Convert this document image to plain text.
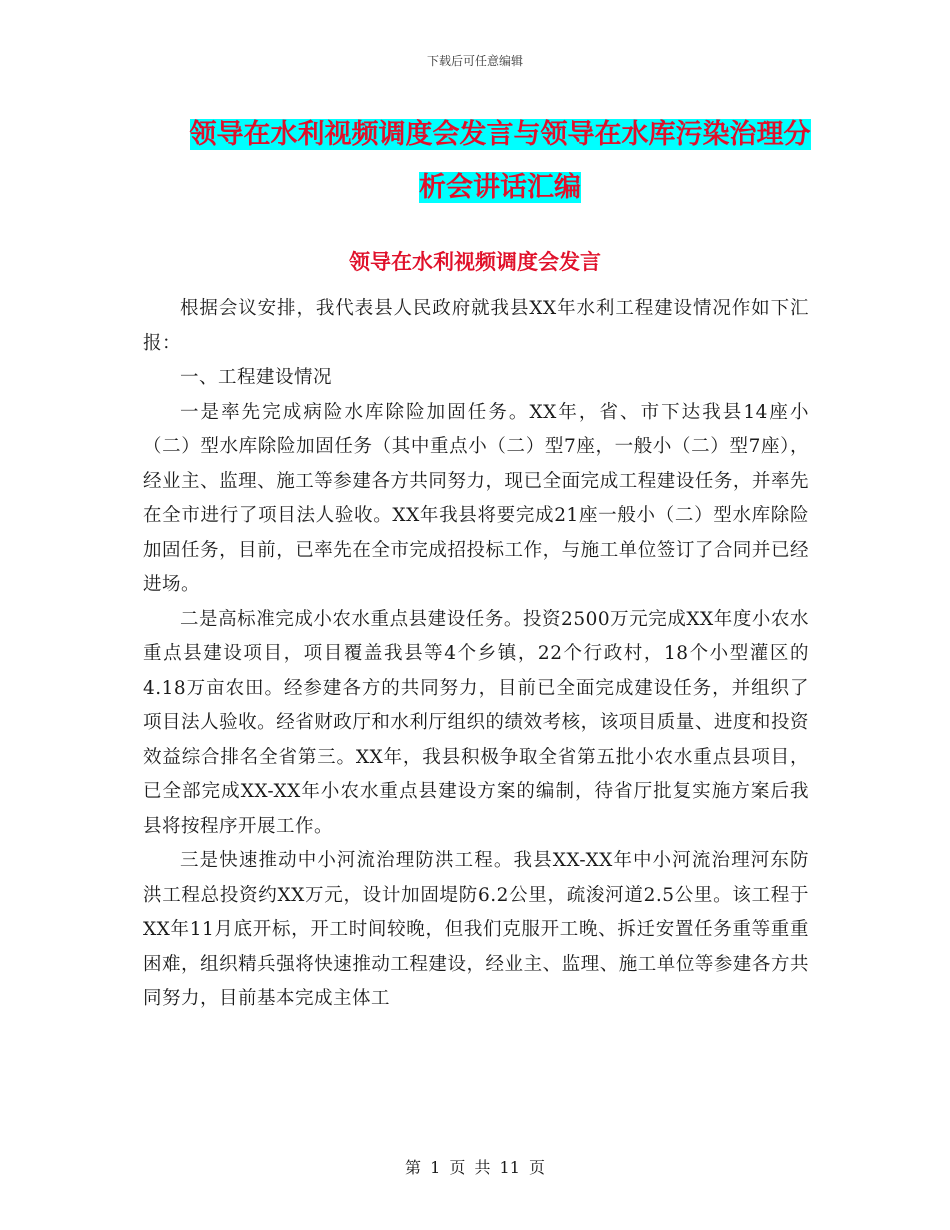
下载后可任意编辑
领导在水利视频调度会发言与领导在水库污染治理分析会讲话汇编
领导在水利视频调度会发言

根据会议安排，我代表县人民政府就我县XX年水利工程建设情况作如下汇报：

一、工程建设情况

一是率先完成病险水库除险加固任务。XX年，省、市下达我县14座小（二）型水库除险加固任务（其中重点小（二）型7座，一般小（二）型7座），经业主、监理、施工等参建各方共同努力，现已全面完成工程建设任务，并率先在全市进行了项目法人验收。XX年我县将要完成21座一般小（二）型水库除险加固任务，目前，已率先在全市完成招投标工作，与施工单位签订了合同并已经进场。

二是高标准完成小农水重点县建设任务。投资2500万元完成XX年度小农水重点县建设项目，项目覆盖我县等4个乡镇，22个行政村，18个小型灌区的4.18万亩农田。经参建各方的共同努力，目前已全面完成建设任务，并组织了项目法人验收。经省财政厅和水利厅组织的绩效考核，该项目质量、进度和投资效益综合排名全省第三。XX年，我县积极争取全省第五批小农水重点县项目，已全部完成XX-XX年小农水重点县建设方案的编制，待省厅批复实施方案后我县将按程序开展工作。

三是快速推动中小河流治理防洪工程。我县XX-XX年中小河流治理河东防洪工程总投资约XX万元，设计加固堤防6.2公里，疏浚河道2.5公里。该工程于XX年11月底开标，开工时间较晚，但我们克服开工晚、拆迁安置任务重等重重困难，组织精兵强将快速推动工程建设，经业主、监理、施工单位等参建各方共同努力，目前基本完成主体工

第 1 页 共 11 页
